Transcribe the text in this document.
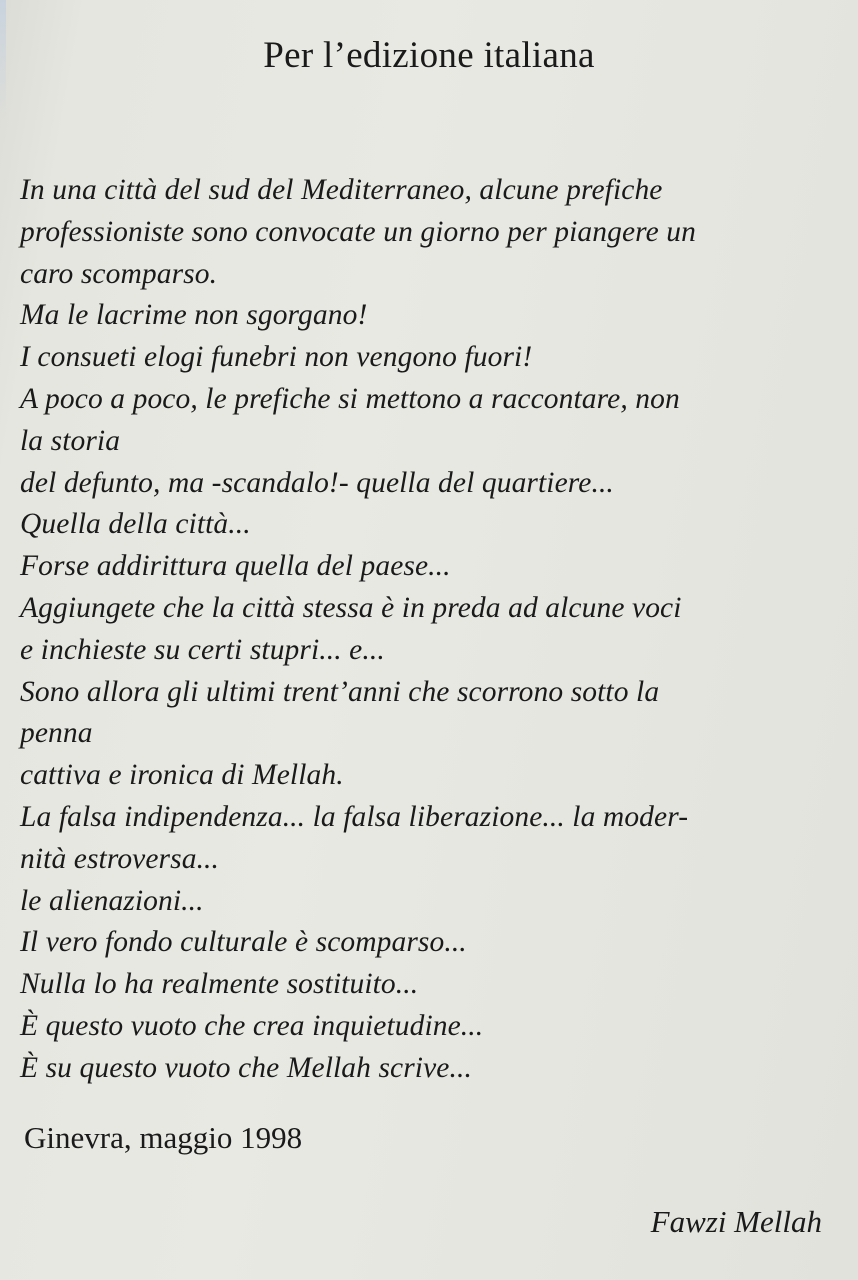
Per l’edizione italiana
In una città del sud del Mediterraneo, alcune prefiche
professioniste sono convocate un giorno per piangere un
caro scomparso.
Ma le lacrime non sgorgano!
I consueti elogi funebri non vengono fuori!
A poco a poco, le prefiche si mettono a raccontare, non
la storia
del defunto, ma -scandalo!- quella del quartiere...
Quella della città...
Forse addirittura quella del paese...
Aggiungete che la città stessa è in preda ad alcune voci
e inchieste su certi stupri... e...
Sono allora gli ultimi trent’anni che scorrono sotto la
penna
cattiva e ironica di Mellah.
La falsa indipendenza... la falsa liberazione... la moder-
nità estroversa...
le alienazioni...
Il vero fondo culturale è scomparso...
Nulla lo ha realmente sostituito...
È questo vuoto che crea inquietudine...
È su questo vuoto che Mellah scrive...
Ginevra, maggio 1998
Fawzi Mellah
